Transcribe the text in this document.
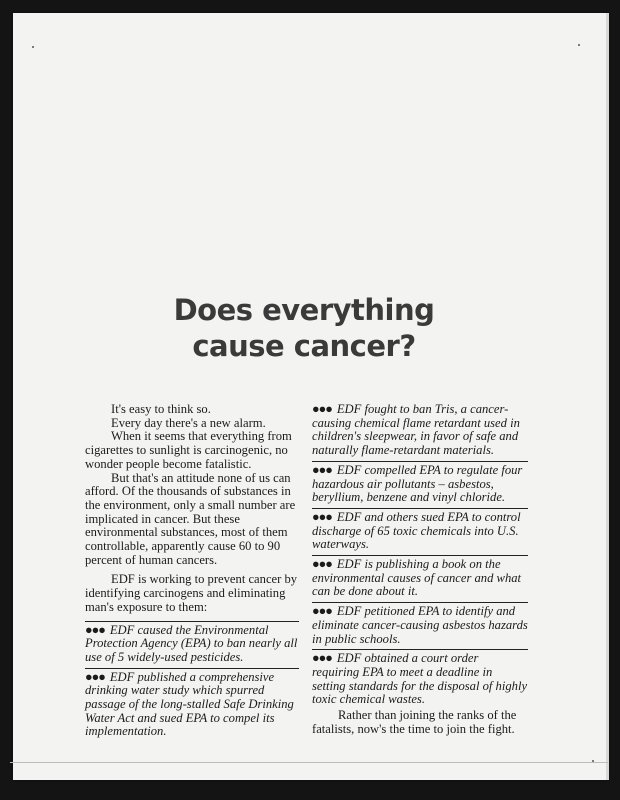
Does everything
cause cancer?

It's easy to think so.

Every day there's a new alarm.

When it seems that everything from cigarettes to sunlight is carcinogenic, no wonder people become fatalistic.

But that's an attitude none of us can afford. Of the thousands of substances in the environment, only a small number are implicated in cancer. But these environmental substances, most of them controllable, apparently cause 60 to 90 percent of human cancers.

EDF is working to prevent cancer by identifying carcinogens and eliminating man's exposure to them:

●●● EDF caused the Environmental Protection Agency (EPA) to ban nearly all use of 5 widely-used pesticides.
●●● EDF published a comprehensive drinking water study which spurred passage of the long-stalled Safe Drinking Water Act and sued EPA to compel its implementation.
●●● EDF fought to ban Tris, a cancer-causing chemical flame retardant used in children's sleepwear, in favor of safe and naturally flame-retardant materials.
●●● EDF compelled EPA to regulate four hazardous air pollutants – asbestos, beryllium, benzene and vinyl chloride.
●●● EDF and others sued EPA to control discharge of 65 toxic chemicals into U.S. waterways.
●●● EDF is publishing a book on the environmental causes of cancer and what can be done about it.
●●● EDF petitioned EPA to identify and eliminate cancer-causing asbestos hazards in public schools.
●●● EDF obtained a court order requiring EPA to meet a deadline in setting standards for the disposal of highly toxic chemical wastes.

Rather than joining the ranks of the fatalists, now's the time to join the fight.
